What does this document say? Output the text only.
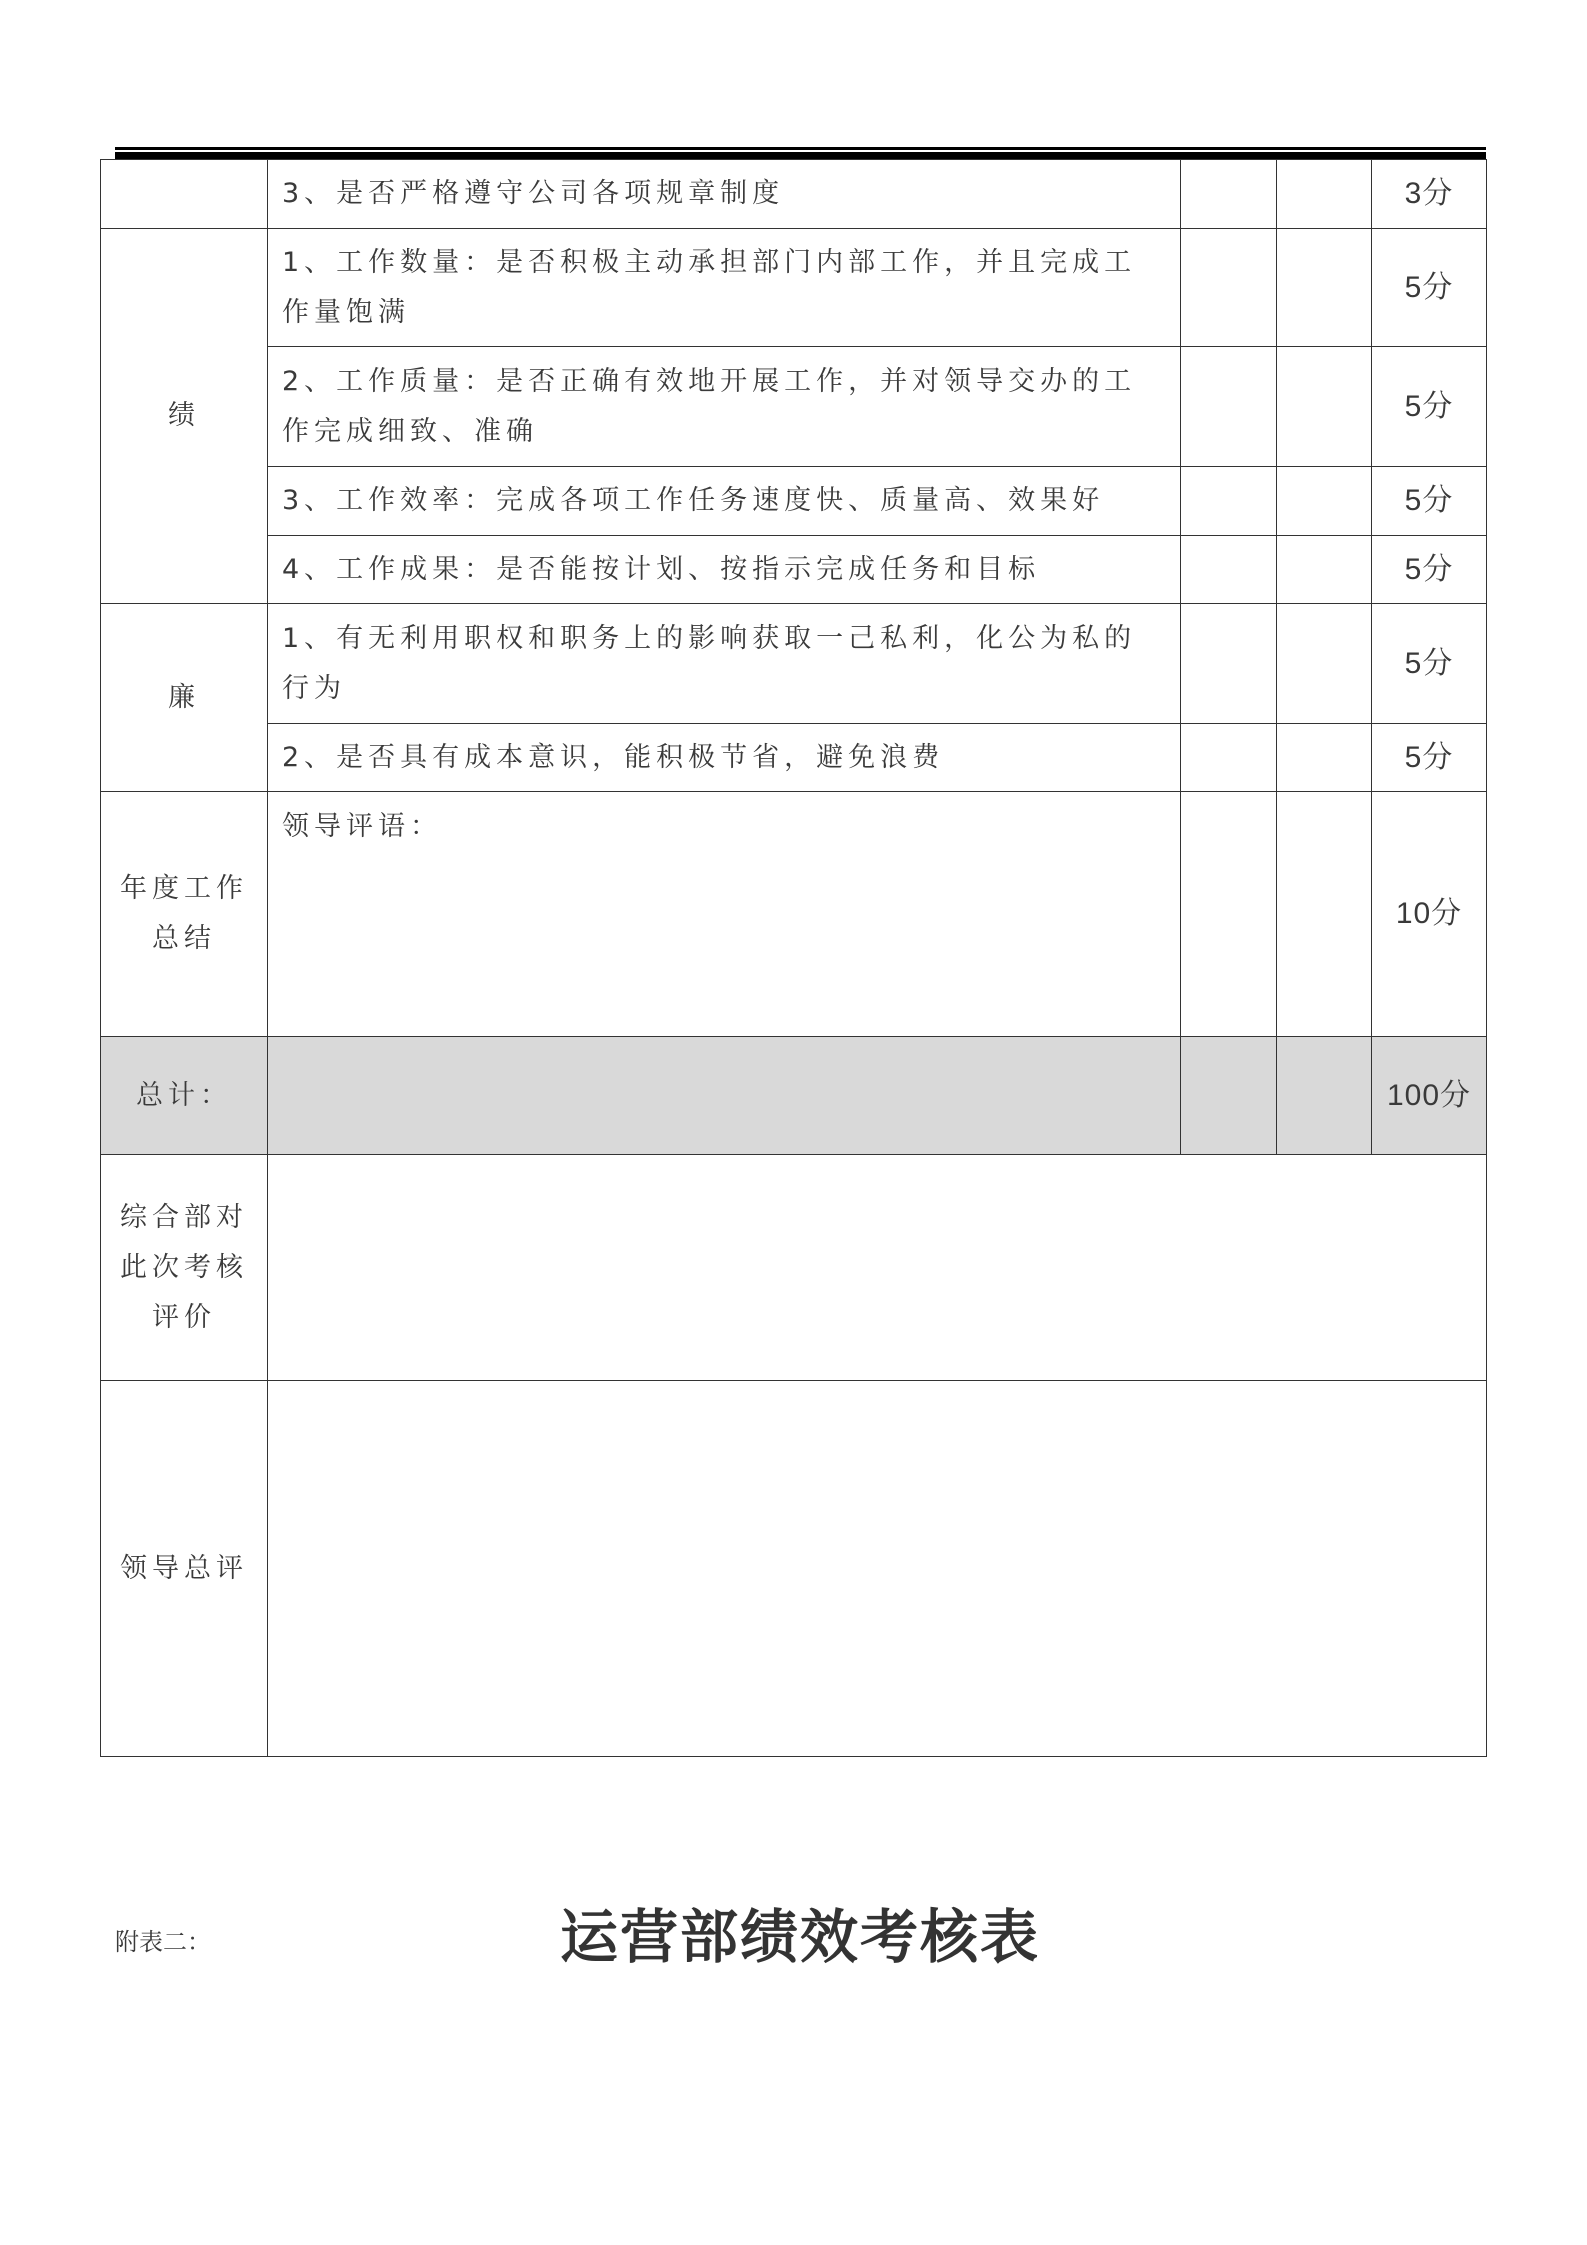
	3、是否严格遵守公司各项规章制度			3分
绩	1、工作数量：是否积极主动承担部门内部工作，并且完成工作量饱满			5分
	2、工作质量：是否正确有效地开展工作，并对领导交办的工作完成细致、准确			5分
	3、工作效率：完成各项工作任务速度快、质量高、效果好			5分
	4、工作成果：是否能按计划、按指示完成任务和目标			5分
廉	1、有无利用职权和职务上的影响获取一己私利，化公为私的行为			5分
	2、是否具有成本意识，能积极节省，避免浪费			5分
年度工作总结	领导评语：			10分
总计：				100分
综合部对此次考核评价				
领导总评				
附表二：	运营部绩效考核表
